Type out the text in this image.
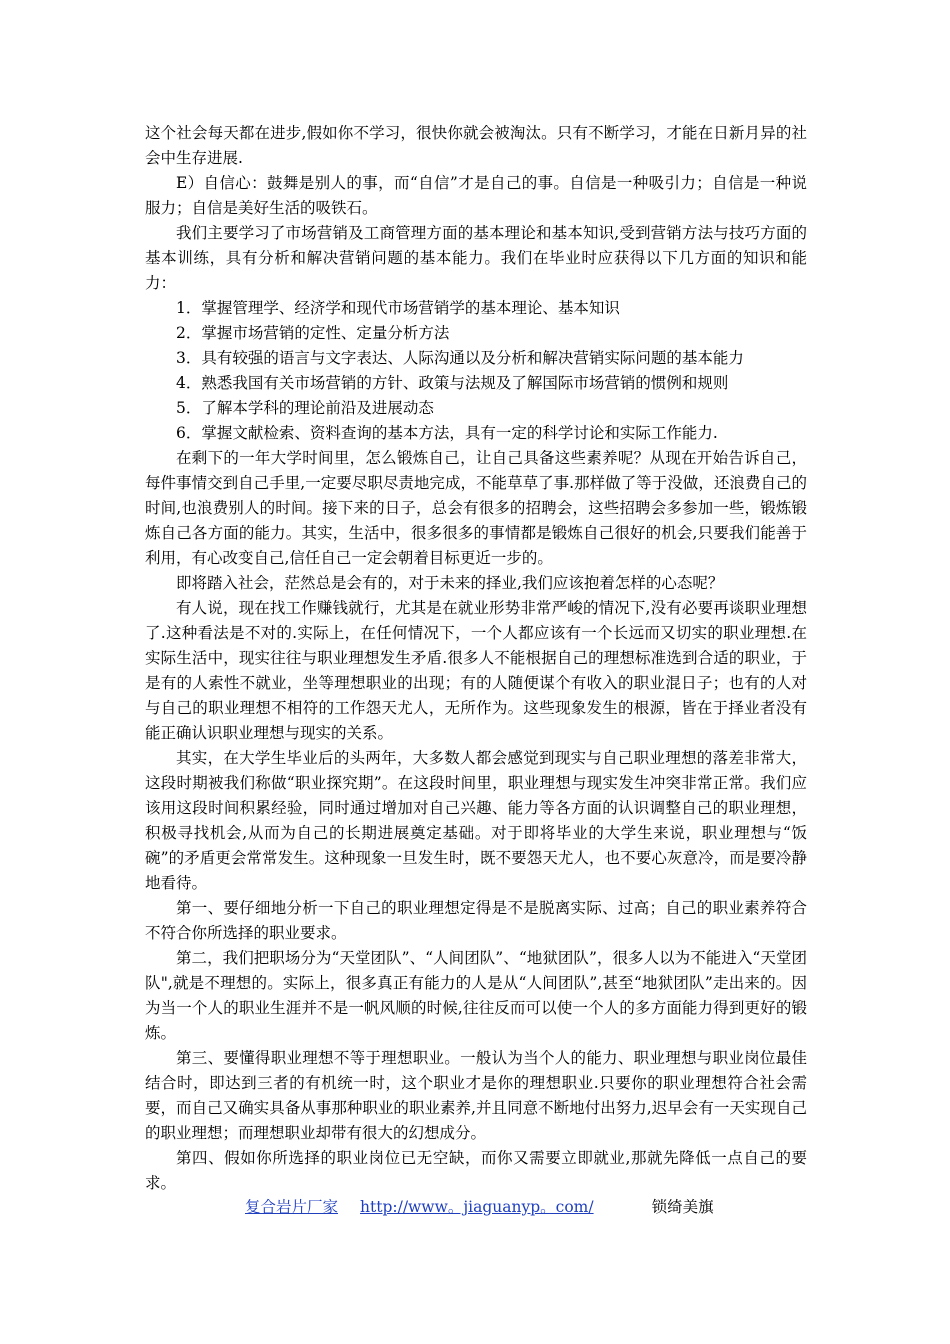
这个社会每天都在进步,假如你不学习，很快你就会被淘汰。只有不断学习，才能在日新月异的社会中生存进展.

E）自信心：鼓舞是别人的事，而“自信”才是自己的事。自信是一种吸引力；自信是一种说服力；自信是美好生活的吸铁石。

我们主要学习了市场营销及工商管理方面的基本理论和基本知识,受到营销方法与技巧方面的基本训练，具有分析和解决营销问题的基本能力。我们在毕业时应获得以下几方面的知识和能力：

1．掌握管理学、经济学和现代市场营销学的基本理论、基本知识

2．掌握市场营销的定性、定量分析方法

3．具有较强的语言与文字表达、人际沟通以及分析和解决营销实际问题的基本能力

4．熟悉我国有关市场营销的方针、政策与法规及了解国际市场营销的惯例和规则

5．了解本学科的理论前沿及进展动态

6．掌握文献检索、资料查询的基本方法，具有一定的科学讨论和实际工作能力.

在剩下的一年大学时间里，怎么锻炼自己，让自己具备这些素养呢？从现在开始告诉自己，每件事情交到自己手里,一定要尽职尽责地完成，不能草草了事.那样做了等于没做，还浪费自己的时间,也浪费别人的时间。接下来的日子，总会有很多的招聘会，这些招聘会多参加一些，锻炼锻炼自己各方面的能力。其实，生活中，很多很多的事情都是锻炼自己很好的机会,只要我们能善于利用，有心改变自己,信任自己一定会朝着目标更近一步的。

即将踏入社会，茫然总是会有的，对于未来的择业,我们应该抱着怎样的心态呢？

有人说，现在找工作赚钱就行，尤其是在就业形势非常严峻的情况下,没有必要再谈职业理想了.这种看法是不对的.实际上，在任何情况下，一个人都应该有一个长远而又切实的职业理想.在实际生活中，现实往往与职业理想发生矛盾.很多人不能根据自己的理想标准选到合适的职业，于是有的人索性不就业，坐等理想职业的出现；有的人随便谋个有收入的职业混日子；也有的人对与自己的职业理想不相符的工作怨天尤人，无所作为。这些现象发生的根源，皆在于择业者没有能正确认识职业理想与现实的关系。

其实，在大学生毕业后的头两年，大多数人都会感觉到现实与自己职业理想的落差非常大，这段时期被我们称做“职业探究期”。在这段时间里，职业理想与现实发生冲突非常正常。我们应该用这段时间积累经验，同时通过增加对自己兴趣、能力等各方面的认识调整自己的职业理想，积极寻找机会,从而为自己的长期进展奠定基础。对于即将毕业的大学生来说，职业理想与“饭碗”的矛盾更会常常发生。这种现象一旦发生时，既不要怨天尤人，也不要心灰意冷，而是要冷静地看待。

第一、要仔细地分析一下自己的职业理想定得是不是脱离实际、过高；自己的职业素养符合不符合你所选择的职业要求。

第二，我们把职场分为“天堂团队”、“人间团队”、“地狱团队”，很多人以为不能进入“天堂团队",就是不理想的。实际上，很多真正有能力的人是从“人间团队”,甚至“地狱团队”走出来的。因为当一个人的职业生涯并不是一帆风顺的时候,往往反而可以使一个人的多方面能力得到更好的锻炼。

第三、要懂得职业理想不等于理想职业。一般认为当个人的能力、职业理想与职业岗位最佳结合时，即达到三者的有机统一时，这个职业才是你的理想职业.只要你的职业理想符合社会需要，而自己又确实具备从事那种职业的职业素养,并且同意不断地付出努力,迟早会有一天实现自己的职业理想；而理想职业却带有很大的幻想成分。

第四、假如你所选择的职业岗位已无空缺，而你又需要立即就业,那就先降低一点自己的要求。

复合岩片厂家 http://www。jiaguanyp。com/	锁绮美旗
